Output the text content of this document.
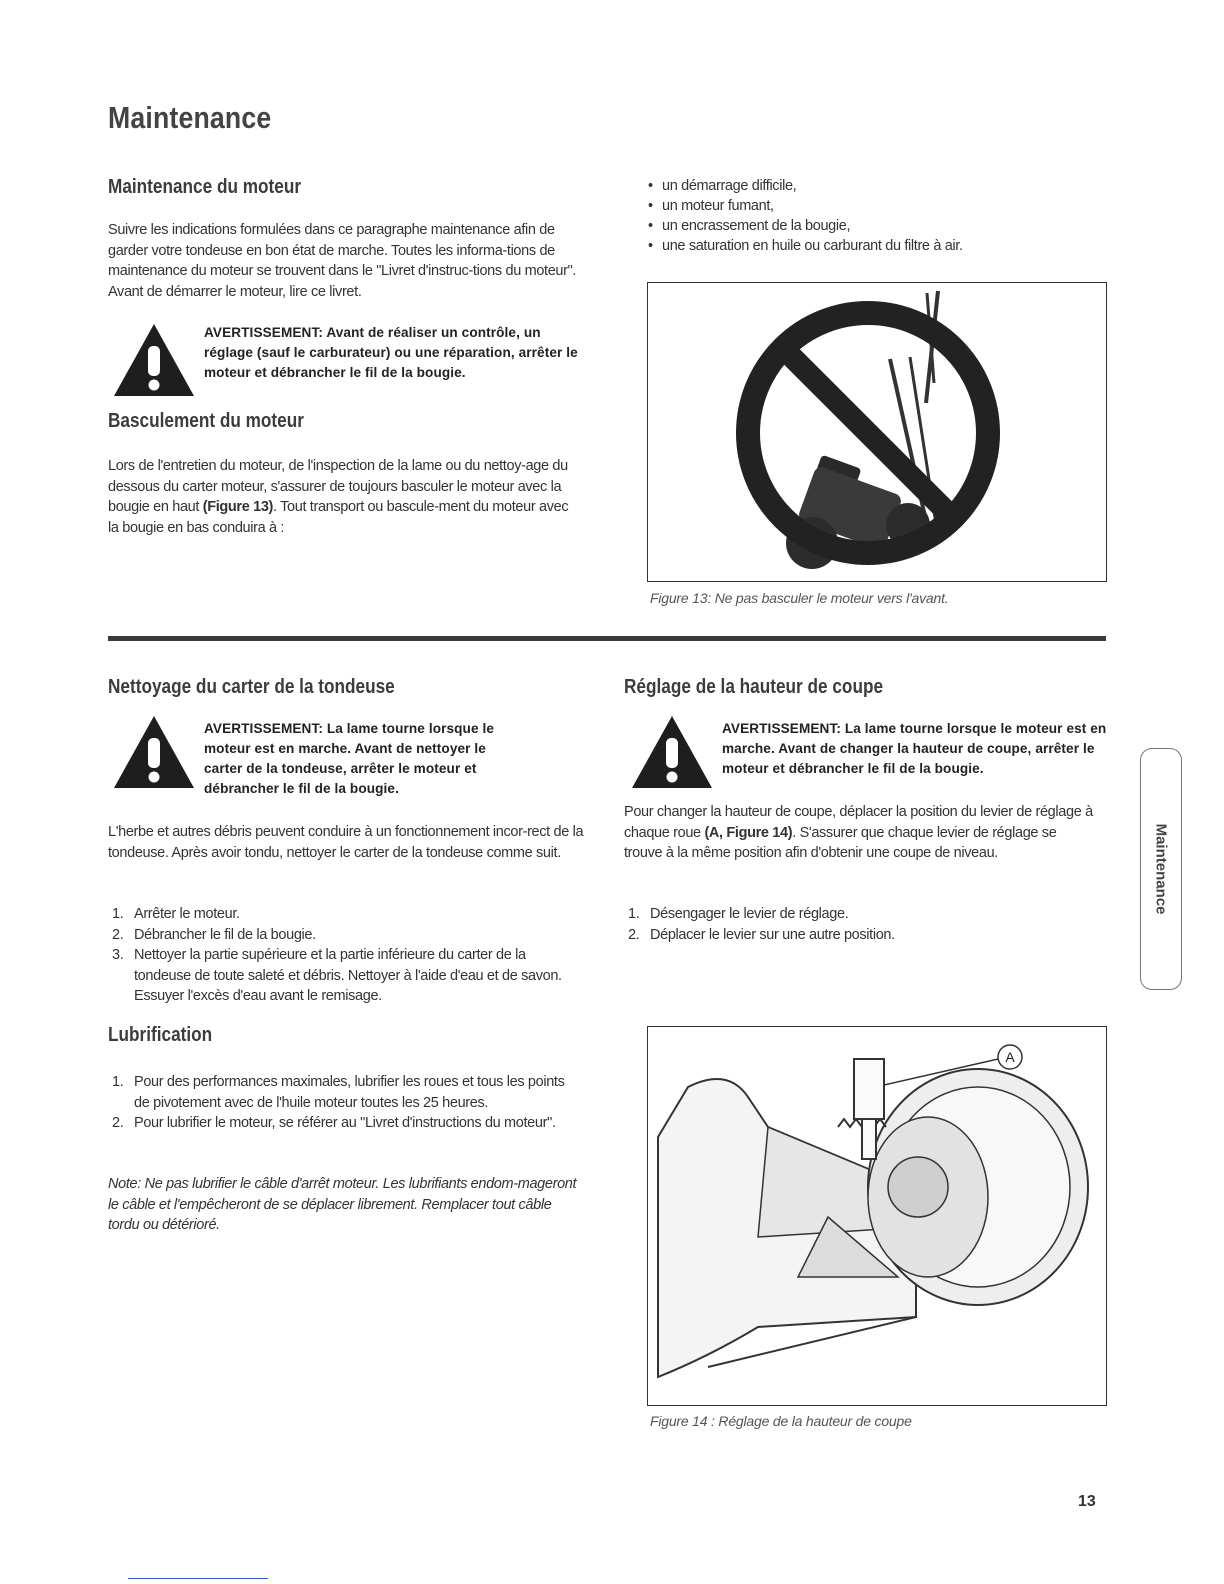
Maintenance
Maintenance du moteur

Suivre les indications formulées dans ce paragraphe maintenance afin de garder votre tondeuse en bon état de marche. Toutes les informa-tions de maintenance du moteur se trouvent dans le "Livret d'instruc-tions du moteur". Avant de démarrer le moteur, lire ce livret.

AVERTISSEMENT: Avant de réaliser un contrôle, un réglage (sauf le carburateur) ou une réparation, arrêter le moteur et débrancher le fil de la bougie.

Basculement du moteur

Lors de l'entretien du moteur, de l'inspection de la lame ou du nettoy-age du dessous du carter moteur, s'assurer de toujours basculer le moteur avec la bougie en haut (Figure 13). Tout transport ou bascule-ment du moteur avec la bougie en bas conduira à :

• un démarrage difficile,
• un moteur fumant,
• un encrassement de la bougie,
• une saturation en huile ou carburant du filtre à air.

Figure 13: Ne pas basculer le moteur vers l'avant.

Nettoyage du carter de la tondeuse

AVERTISSEMENT: La lame tourne lorsque le moteur est en marche. Avant de nettoyer le carter de la tondeuse, arrêter le moteur et débrancher le fil de la bougie.

L'herbe et autres débris peuvent conduire à un fonctionnement incor-rect de la tondeuse. Après avoir tondu, nettoyer le carter de la tondeuse comme suit.

1. Arrêter le moteur.
2. Débrancher le fil de la bougie.
3. Nettoyer la partie supérieure et la partie inférieure du carter de la tondeuse de toute saleté et débris. Nettoyer à l'aide d'eau et de savon. Essuyer l'excès d'eau avant le remisage.
Lubrification
1. Pour des performances maximales, lubrifier les roues et tous les points de pivotement avec de l'huile moteur toutes les 25 heures.
2. Pour lubrifier le moteur, se référer au "Livret d'instructions du moteur".

Note: Ne pas lubrifier le câble d'arrêt moteur. Les lubrifiants endom-mageront le câble et l'empêcheront de se déplacer librement. Remplacer tout câble tordu ou détérioré.

Réglage de la hauteur de coupe

AVERTISSEMENT: La lame tourne lorsque le moteur est en marche. Avant de changer la hauteur de coupe, arrêter le moteur et débrancher le fil de la bougie.

Pour changer la hauteur de coupe, déplacer la position du levier de réglage à chaque roue (A, Figure 14). S'assurer que chaque levier de réglage se trouve à la même position afin d'obtenir une coupe de niveau.

1. Désengager le levier de réglage.
2. Déplacer le levier sur une autre position.
A

Figure 14 : Réglage de la hauteur de coupe

Maintenance
13
